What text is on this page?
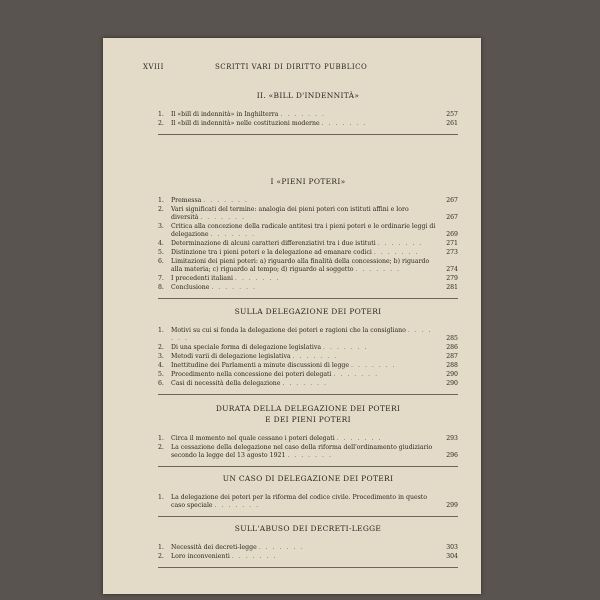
XVIII	SCRITTI VARI DI DIRITTO PUBBLICO
II. «BILL D'INDENNITÀ»
1.	Il «bill di indennità» in Inghilterra . . . . . . .	257
2.	Il «bill di indennità» nelle costituzioni moderne . . . . . . .	261
I «PIENI POTERI»
1.	Premessa . . . . . . .	267
2.	Vari significati del termine: analogia dei pieni poteri con istituti affini e loro diversità . . . . . . .	267
3.	Critica alla concezione della radicale antitesi tra i pieni poteri e le ordinarie leggi di delegazione . . . . . . .	269
4.	Determinazione di alcuni caratteri differenziativi tra i due istituti . . . . . . .	271
5.	Distinzione tra i pieni poteri e la delegazione ad emanare codici . . . . . . .	273
6.	Limitazioni dei pieni poteri: a) riguardo alla finalità della concessione; b) riguardo alla materia; c) riguardo al tempo; d) riguardo al soggetto . . . . . . .	274
7.	I precedenti italiani . . . . . . .	279
8.	Conclusione . . . . . . .	281
SULLA DELEGAZIONE DEI POTERI
1.	Motivi su cui si fonda la delegazione dei poteri e ragioni che la consigliano . . . . . . .	285
2.	Di una speciale forma di delegazione legislativa . . . . . . .	286
3.	Metodi varii di delegazione legislativa . . . . . . .	287
4.	Inettitudine dei Parlamenti a minute discussioni di legge . . . . . . .	288
5.	Procedimento nella concessione dei poteri delegati . . . . . . .	290
6.	Casi di necessità della delegazione . . . . . . .	290
DURATA DELLA DELEGAZIONE DEI POTERI
E DEI PIENI POTERI
1.	Circa il momento nel quale cessano i poteri delegati . . . . . . .	293
2.	La cessazione della delegazione nel caso della riforma dell'ordinamento giudiziario secondo la legge del 13 agosto 1921 . . . . . . .	296
UN CASO DI DELEGAZIONE DEI POTERI
1.	La delegazione dei poteri per la riforma del codice civile. Procedimento in questo caso speciale . . . . . . .	299
SULL'ABUSO DEI DECRETI-LEGGE
1.	Necessità dei decreti-legge . . . . . . .	303
2.	Loro inconvenienti . . . . . . .	304
